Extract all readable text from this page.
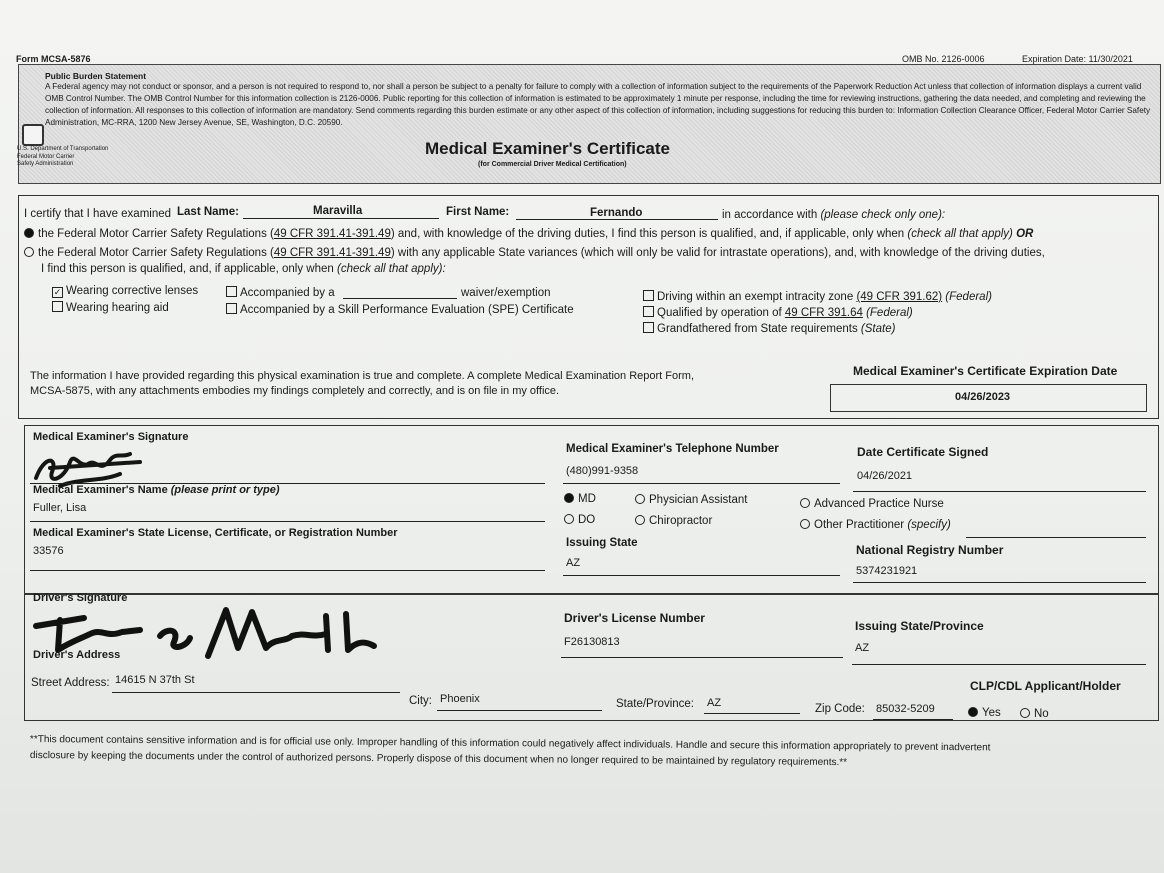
Form MCSA-5876	OMB No. 2126-0006	Expiration Date: 11/30/2021
Public Burden Statement
A Federal agency may not conduct or sponsor, and a person is not required to respond to, nor shall a person be subject to a penalty for failure to comply with a collection of information subject to the requirements of the Paperwork Reduction Act unless that collection of information displays a current valid OMB Control Number. The OMB Control Number for this information collection is 2126-0006. Public reporting for this collection of information is estimated to be approximately 1 minute per response, including the time for reviewing instructions, gathering the data needed, and completing and reviewing the collection of information. All responses to this collection of information are mandatory. Send comments regarding this burden estimate or any other aspect of this collection of information, including suggestions for reducing this burden to: Information Collection Clearance Officer, Federal Motor Carrier Safety Administration, MC-RRA, 1200 New Jersey Avenue, SE, Washington, D.C. 20590.
U.S. Department of Transportation
Federal Motor Carrier
Safety Administration
Medical Examiner's Certificate
(for Commercial Driver Medical Certification)
I certify that I have examined Last Name:	Maravilla	First Name:	Fernando	in accordance with (please check only one):
the Federal Motor Carrier Safety Regulations (49 CFR 391.41-391.49) and, with knowledge of the driving duties, I find this person is qualified, and, if applicable, only when (check all that apply) OR
the Federal Motor Carrier Safety Regulations (49 CFR 391.41-391.49) with any applicable State variances (which will only be valid for intrastate operations), and, with knowledge of the driving duties,
I find this person is qualified, and, if applicable, only when (check all that apply):
✓ Wearing corrective lenses
Wearing hearing aid
Accompanied by a	waiver/exemption
Accompanied by a Skill Performance Evaluation (SPE) Certificate
Driving within an exempt intracity zone (49 CFR 391.62) (Federal)
Qualified by operation of 49 CFR 391.64 (Federal)
Grandfathered from State requirements (State)
The information I have provided regarding this physical examination is true and complete. A complete Medical Examination Report Form,
MCSA-5875, with any attachments embodies my findings completely and correctly, and is on file in my office.
Medical Examiner's Certificate Expiration Date
04/26/2023
Medical Examiner's Signature
Medical Examiner's Name (please print or type)
Fuller, Lisa
Medical Examiner's State License, Certificate, or Registration Number
33576
Medical Examiner's Telephone Number
(480)991-9358
Date Certificate Signed
04/26/2021
MD
DO
Physician Assistant
Chiropractor
Advanced Practice Nurse
Other Practitioner (specify)
Issuing State
AZ
National Registry Number
5374231921
Driver's Signature
Driver's Address
Driver's License Number
F26130813
Issuing State/Province
AZ
Street Address: 14615 N 37th St
City: Phoenix	State/Province: AZ	Zip Code: 85032-5209
CLP/CDL Applicant/Holder
Yes	No
**This document contains sensitive information and is for official use only. Improper handling of this information could negatively affect individuals. Handle and secure this information appropriately to prevent inadvertent
disclosure by keeping the documents under the control of authorized persons. Properly dispose of this document when no longer required to be maintained by regulatory requirements.**
